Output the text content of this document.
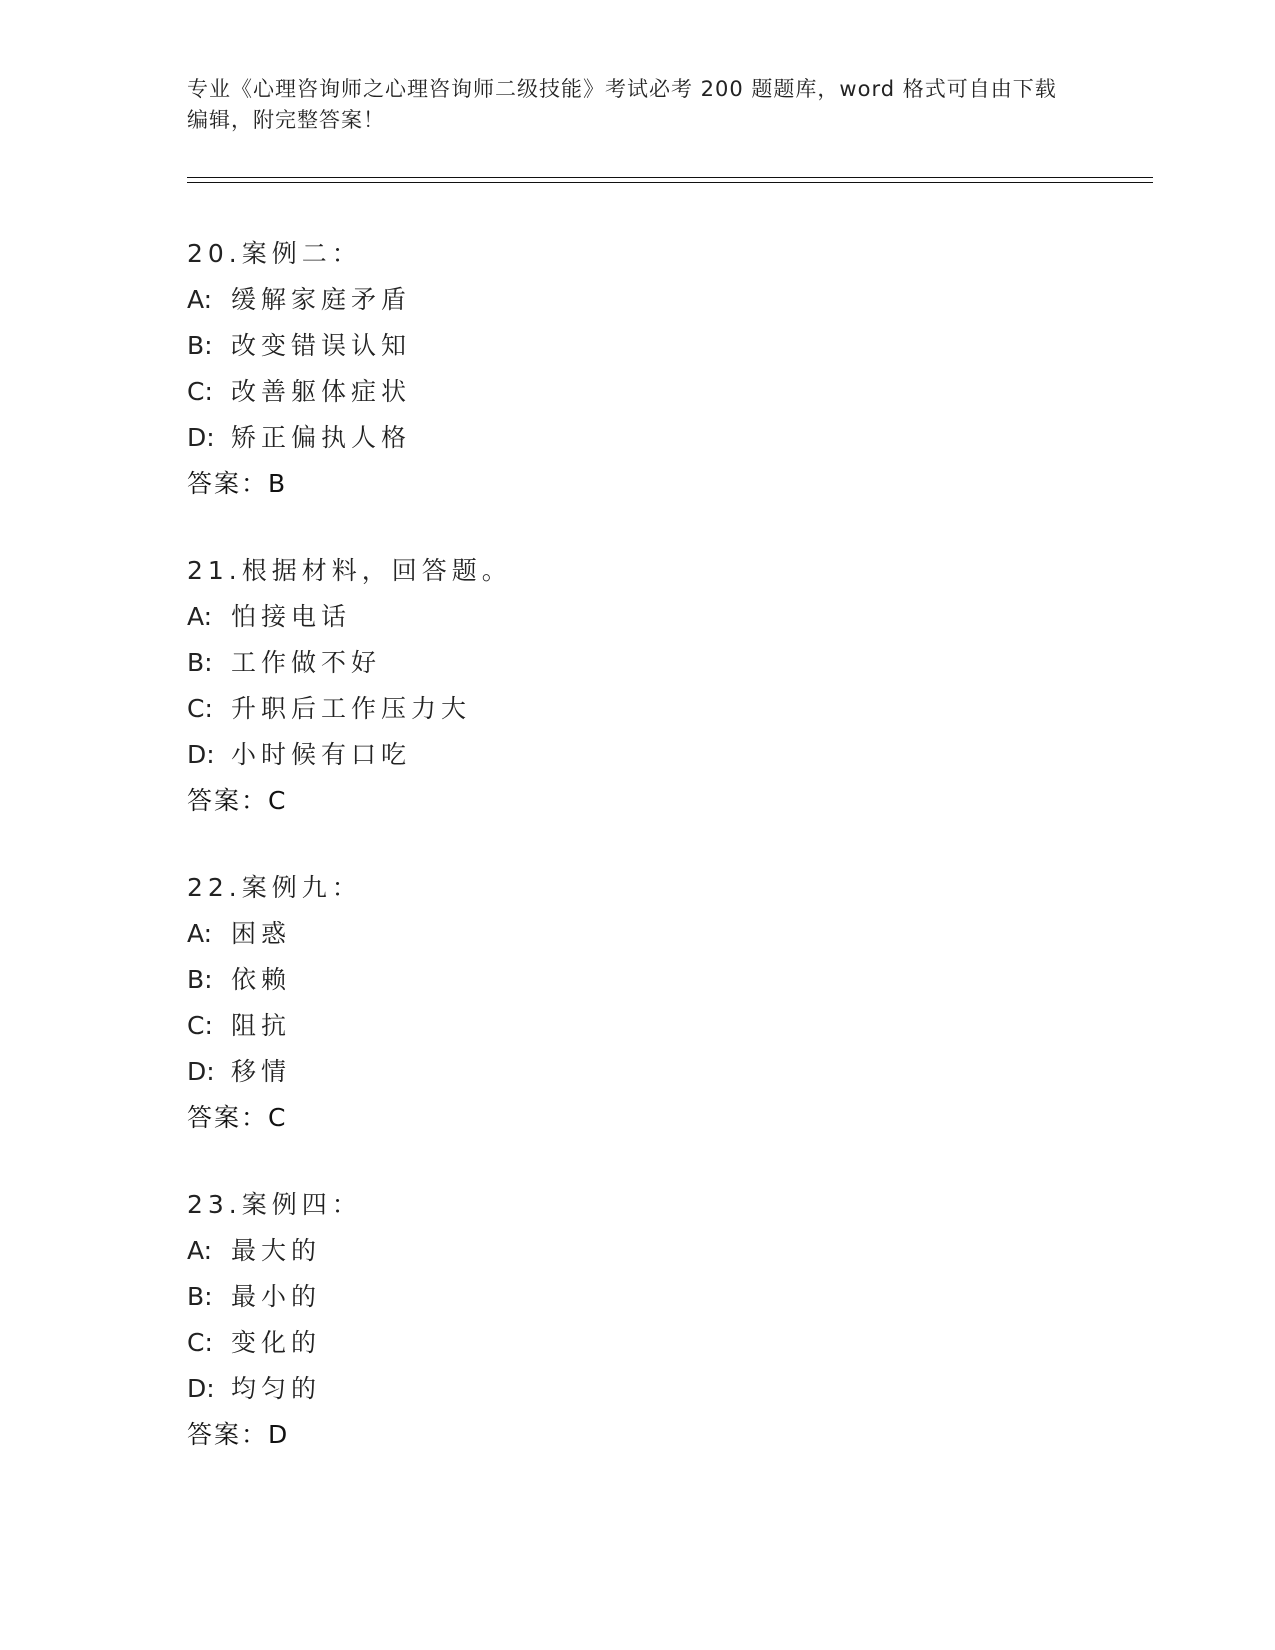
专业《心理咨询师之心理咨询师二级技能》考试必考 200 题题库，word 格式可自由下载编辑，附完整答案！
20.案例二：
A: 缓解家庭矛盾
B: 改变错误认知
C: 改善躯体症状
D: 矫正偏执人格
答案：B
21.根据材料，回答题。
A: 怕接电话
B: 工作做不好
C: 升职后工作压力大
D: 小时候有口吃
答案：C
22.案例九：
A: 困惑
B: 依赖
C: 阻抗
D: 移情
答案：C
23.案例四：
A: 最大的
B: 最小的
C: 变化的
D: 均匀的
答案：D
